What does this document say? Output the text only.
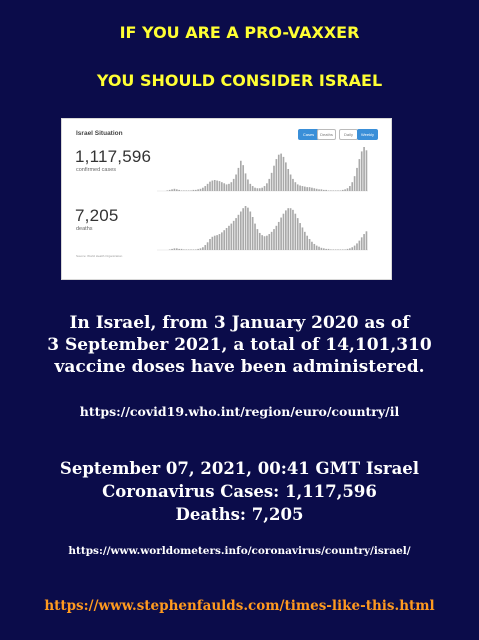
IF YOU ARE A PRO-VAXXER
YOU SHOULD CONSIDER ISRAEL
Israel Situation	Cases	Deaths	Daily	Weekly
1,117,596
confirmed cases
7,205
deaths
Source: World Health Organization
In Israel, from 3 January 2020 as of
3 September 2021, a total of 14,101,310
vaccine doses have been administered.
https://covid19.who.int/region/euro/country/il
September 07, 2021, 00:41 GMT Israel
Coronavirus Cases: 1,117,596
Deaths: 7,205
https://www.worldometers.info/coronavirus/country/israel/
https://www.stephenfaulds.com/times-like-this.html
